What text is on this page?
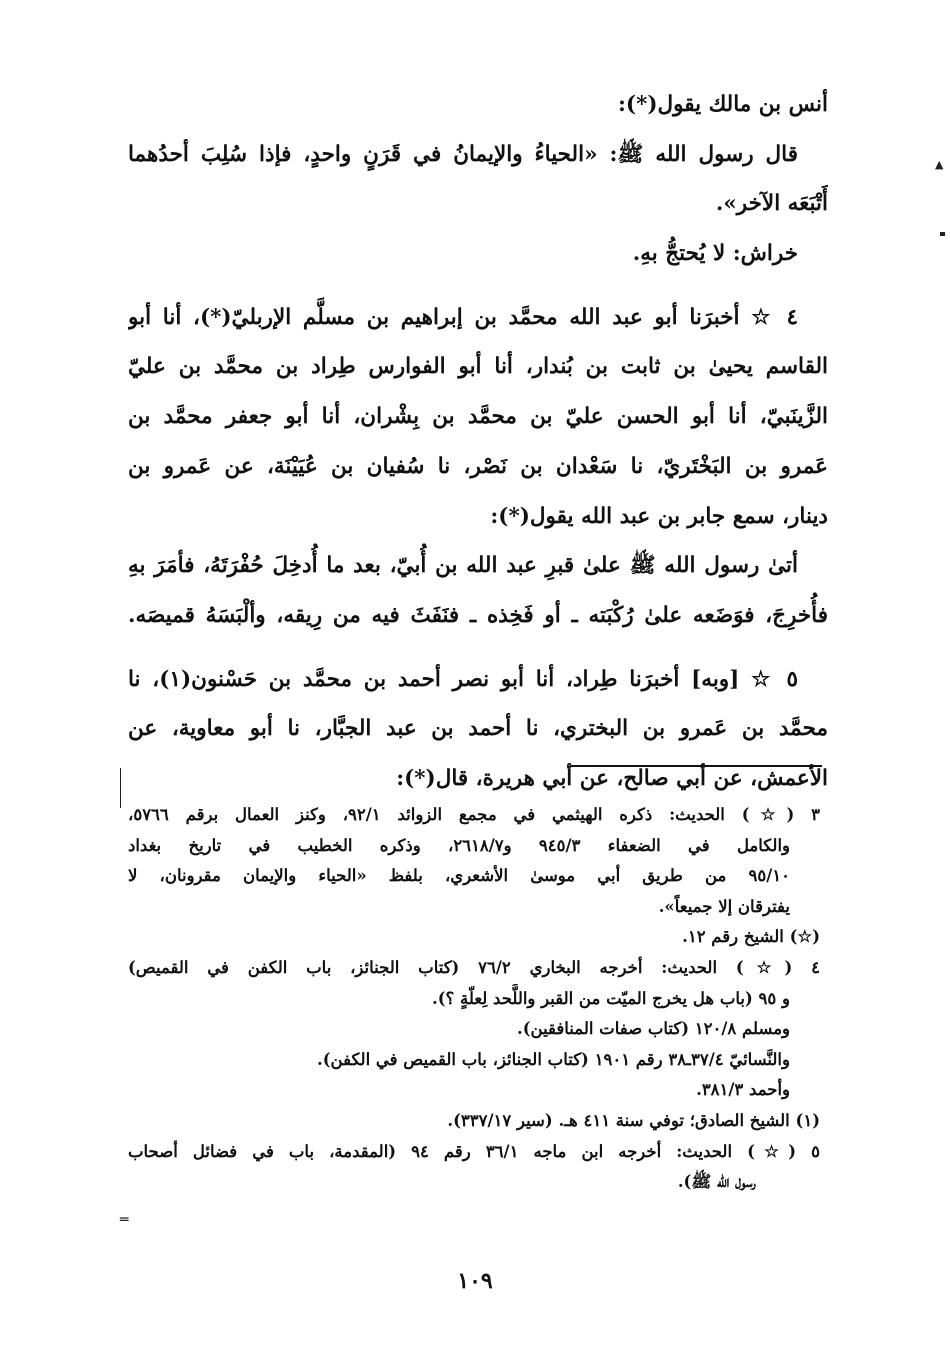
أنس بن مالك يقول(*):
قال رسول الله ﷺ: «الحياءُ والإيمانُ في قَرَنٍ واحدٍ، فإذا سُلِبَ أحدُهما
أَتْبَعَه الآخر».
خراش: لا يُحتجُّ بهِ.
٤ ☆ أخبرَنا أبو عبد الله محمَّد بن إبراهيم بن مسلَّم الإربليّ(*)، أنا أبو
القاسم يحيىٰ بن ثابت بن بُندار، أنا أبو الفوارس طِراد بن محمَّد بن عليّ
الزَّينَبيّ، أنا أبو الحسن عليّ بن محمَّد بن بِشْران، أنا أبو جعفر محمَّد بن
عَمرو بن البَخْتَريّ، نا سَعْدان بن نَصْر، نا سُفيان بن عُيَيْنَة، عن عَمرو بن
دينار، سمع جابر بن عبد الله يقول(*):
أتىٰ رسول الله ﷺ علىٰ قبرِ عبد الله بن أُبيّ، بعد ما أُدخِلَ حُفْرَتَهُ، فأمَرَ بهِ
فأُخرِجَ، فوَضَعه علىٰ رُكْبَته ـ أو فَخِذه ـ فنَفَثَ فيه من رِيقه، وألْبَسَهُ قميصَه.
٥ ☆ [وبه] أخبرَنا طِراد، أنا أبو نصر أحمد بن محمَّد بن حَسْنون(١)، نا
محمَّد بن عَمرو بن البختري، نا أحمد بن عبد الجبَّار، نا أبو معاوية، عن
الأعمش، عن أبي صالح، عن أبي هريرة، قال(*):
٣ (☆) الحديث: ذكره الهيثمي في مجمع الزوائد ٩٢/١، وكنز العمال برقم ٥٧٦٦،
والكامل في الضعفاء ٩٤٥/٣ و٢٦١٨/٧، وذكره الخطيب في تاريخ بغداد
٩٥/١٠ من طريق أبي موسىٰ الأشعري، بلفظ «الحياء والإيمان مقرونان، لا
يفترقان إلا جميعاً».
(☆) الشيخ رقم ١٢.
٤ (☆) الحديث: أخرجه البخاري ٧٦/٢ (كتاب الجنائز، باب الكفن في القميص)
و ٩٥ (باب هل يخرج الميّت من القبر واللَّحد لِعلّةٍ ؟).
ومسلم ١٢٠/٨ (كتاب صفات المنافقين).
والنَّسائيّ ٣٧/٤ـ٣٨ رقم ١٩٠١ (كتاب الجنائز، باب القميص في الكفن).
وأحمد ٣٨١/٣.
(١) الشيخ الصادق؛ توفي سنة ٤١١ هـ. (سير ٣٣٧/١٧).
٥ (☆) الحديث: أخرجه ابن ماجه ٣٦/١ رقم ٩٤ (المقدمة، باب في فضائل أصحاب
رسول الله ﷺ).
١٠٩
▲
═
